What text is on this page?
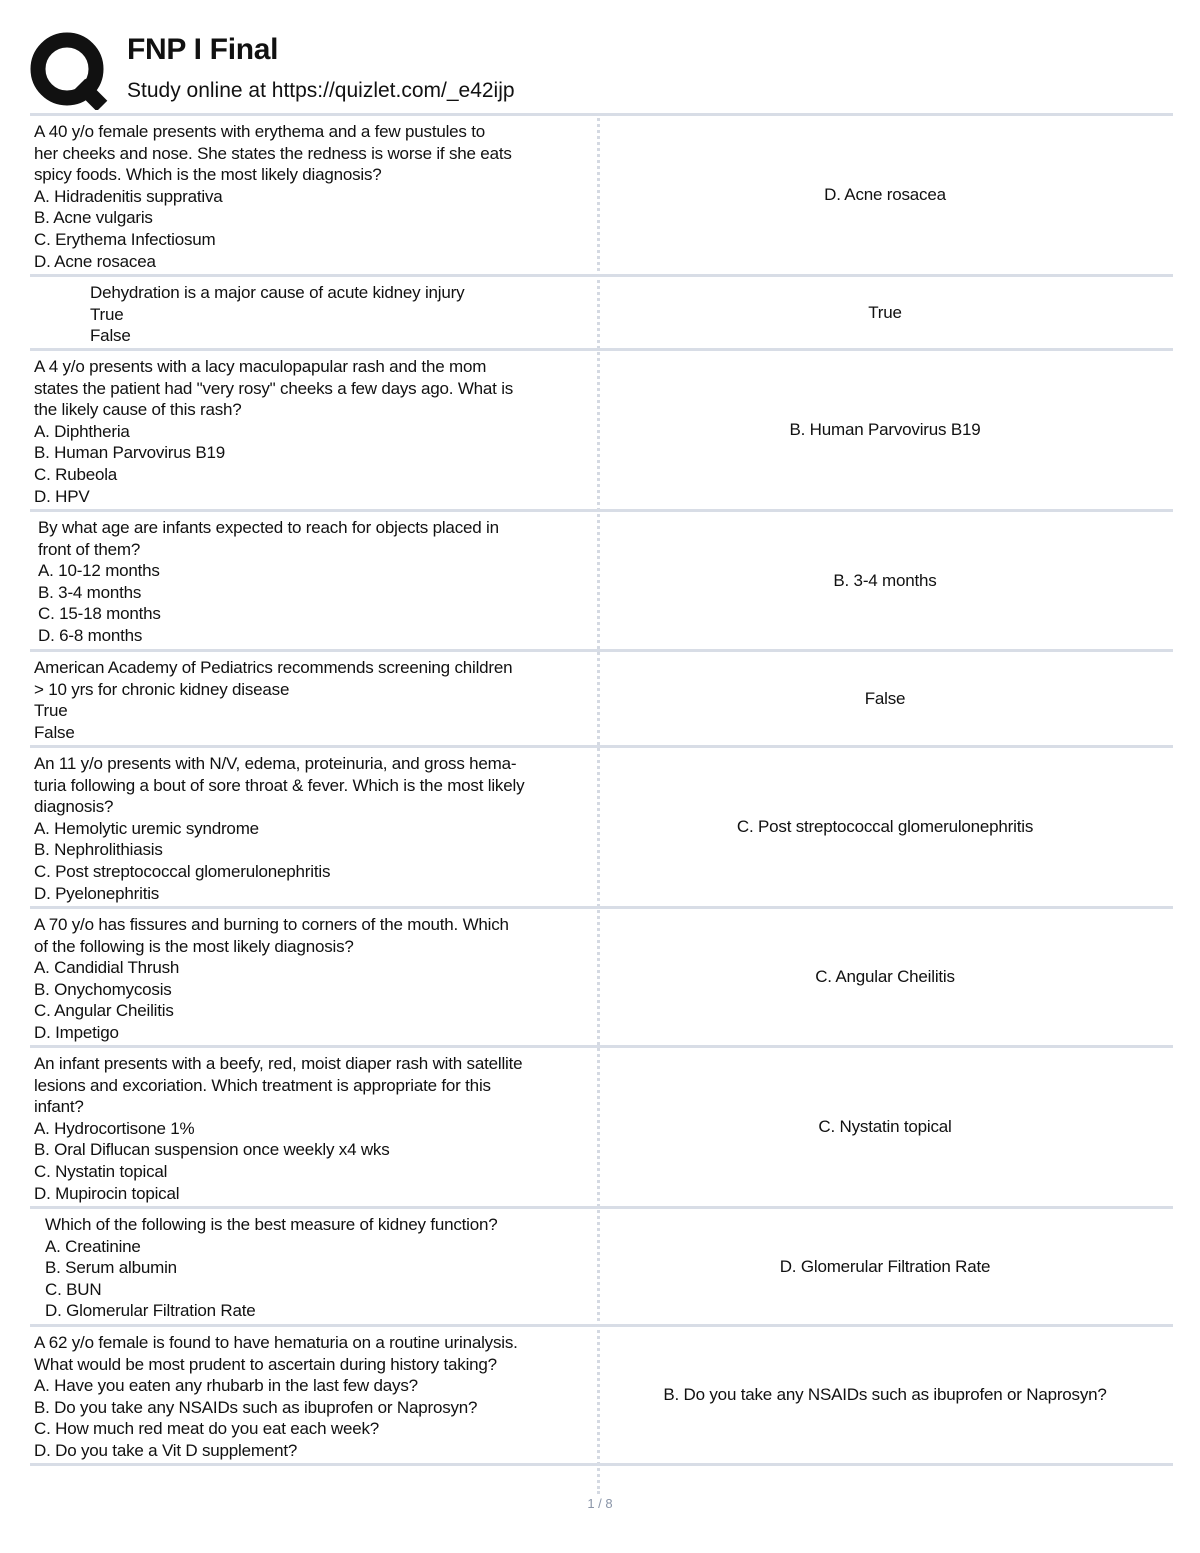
FNP I Final
Study online at https://quizlet.com/_e42ijp
A 40 y/o female presents with erythema and a few pustules to
her cheeks and nose. She states the redness is worse if she eats
spicy foods. Which is the most likely diagnosis?
A. Hidradenitis supprativa
B. Acne vulgaris
C. Erythema Infectiosum
D. Acne rosacea
D. Acne rosacea
Dehydration is a major cause of acute kidney injury
True
False
True
A 4 y/o presents with a lacy maculopapular rash and the mom
states the patient had "very rosy" cheeks a few days ago. What is
the likely cause of this rash?
A. Diphtheria
B. Human Parvovirus B19
C. Rubeola
D. HPV
B. Human Parvovirus B19
By what age are infants expected to reach for objects placed in
front of them?
A. 10-12 months
B. 3-4 months
C. 15-18 months
D. 6-8 months
B. 3-4 months
American Academy of Pediatrics recommends screening children
> 10 yrs for chronic kidney disease
True
False
False
An 11 y/o presents with N/V, edema, proteinuria, and gross hema-
turia following a bout of sore throat & fever. Which is the most likely
diagnosis?
A. Hemolytic uremic syndrome
B. Nephrolithiasis
C. Post streptococcal glomerulonephritis
D. Pyelonephritis
C. Post streptococcal glomerulonephritis
A 70 y/o has fissures and burning to corners of the mouth. Which
of the following is the most likely diagnosis?
A. Candidial Thrush
B. Onychomycosis
C. Angular Cheilitis
D. Impetigo
C. Angular Cheilitis
An infant presents with a beefy, red, moist diaper rash with satellite
lesions and excoriation. Which treatment is appropriate for this
infant?
A. Hydrocortisone 1%
B. Oral Diflucan suspension once weekly x4 wks
C. Nystatin topical
D. Mupirocin topical
C. Nystatin topical
Which of the following is the best measure of kidney function?
A. Creatinine
B. Serum albumin
C. BUN
D. Glomerular Filtration Rate
D. Glomerular Filtration Rate
A 62 y/o female is found to have hematuria on a routine urinalysis.
What would be most prudent to ascertain during history taking?
A. Have you eaten any rhubarb in the last few days?
B. Do you take any NSAIDs such as ibuprofen or Naprosyn?
C. How much red meat do you eat each week?
D. Do you take a Vit D supplement?
B. Do you take any NSAIDs such as ibuprofen or Naprosyn?
1 / 8
